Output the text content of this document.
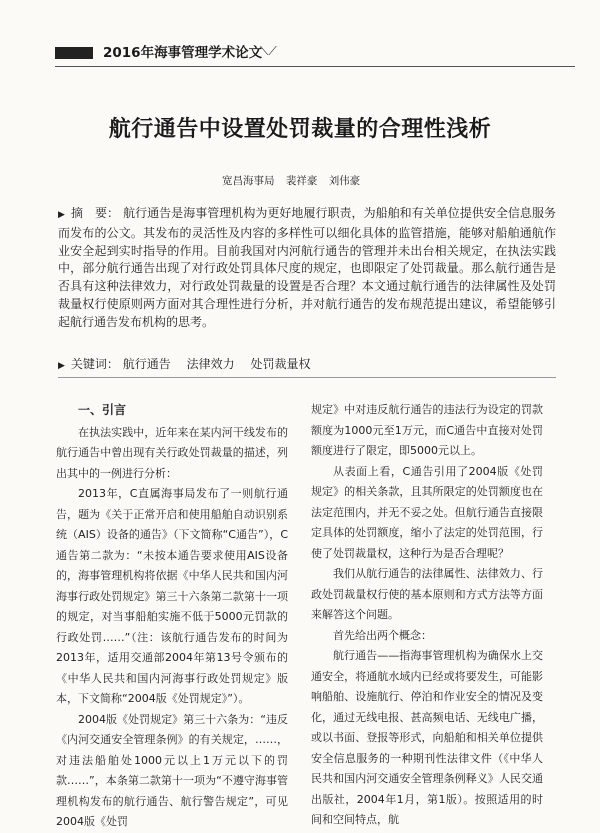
2016年海事管理学术论文
⟍⟋
航行通告中设置处罚裁量的合理性浅析
宽昌海事局 裴祥豪 刘伟豪
▶ 摘　要： 航行通告是海事管理机构为更好地履行职责，为船舶和有关单位提供安全信息服务而发布的公文。其发布的灵活性及内容的多样性可以细化具体的监管措施，能够对船舶通航作业安全起到实时指导的作用。目前我国对内河航行通告的管理并未出台相关规定，在执法实践中，部分航行通告出现了对行政处罚具体尺度的规定，也即限定了处罚裁量。那么航行通告是否具有这种法律效力，对行政处罚裁量的设置是否合理？本文通过航行通告的法律属性及处罚裁量权行使原则两方面对其合理性进行分析，并对航行通告的发布规范提出建议，希望能够引起航行通告发布机构的思考。
▶ 关键词： 航行通告 法律效力 处罚裁量权

一、引言

在执法实践中，近年来在某内河干线发布的航行通告中曾出现有关行政处罚裁量的描述，列出其中的一例进行分析：

2013年，C直属海事局发布了一则航行通告，题为《关于正常开启和使用船舶自动识别系统（AIS）设备的通告》（下文简称“C通告”），C通告第二款为：“未按本通告要求使用AIS设备的，海事管理机构将依据《中华人民共和国内河海事行政处罚规定》第三十六条第二款第十一项的规定，对当事船舶实施不低于5000元罚款的行政处罚……”（注：该航行通告发布的时间为2013年，适用交通部2004年第13号令颁布的《中华人民共和国内河海事行政处罚规定》版本，下文简称“2004版《处罚规定》”）。

2004版《处罚规定》第三十六条为：“违反《内河交通安全管理条例》的有关规定，……，对违法船舶处1000元以上1万元以下的罚款……”，本条第二款第十一项为“不遵守海事管理机构发布的航行通告、航行警告规定”，可见2004版《处罚

规定》中对违反航行通告的违法行为设定的罚款额度为1000元至1万元，而C通告中直接对处罚额度进行了限定，即5000元以上。

从表面上看，C通告引用了2004版《处罚规定》的相关条款，且其所限定的处罚额度也在法定范围内，并无不妥之处。但航行通告直接限定具体的处罚额度，缩小了法定的处罚范围，行使了处罚裁量权，这种行为是否合理呢？

我们从航行通告的法律属性、法律效力、行政处罚裁量权行使的基本原则和方式方法等方面来解答这个问题。

首先给出两个概念：

航行通告——指海事管理机构为确保水上交通安全，将通航水域内已经或将要发生，可能影响船舶、设施航行、停泊和作业安全的情况及变化，通过无线电报、甚高频电话、无线电广播，或以书面、登报等形式，向船舶和相关单位提供安全信息服务的一种期刊性法律文件（《中华人民共和国内河交通安全管理条例释义》人民交通出版社，2004年1月，第1版）。按照适用的时间和空间特点，航
